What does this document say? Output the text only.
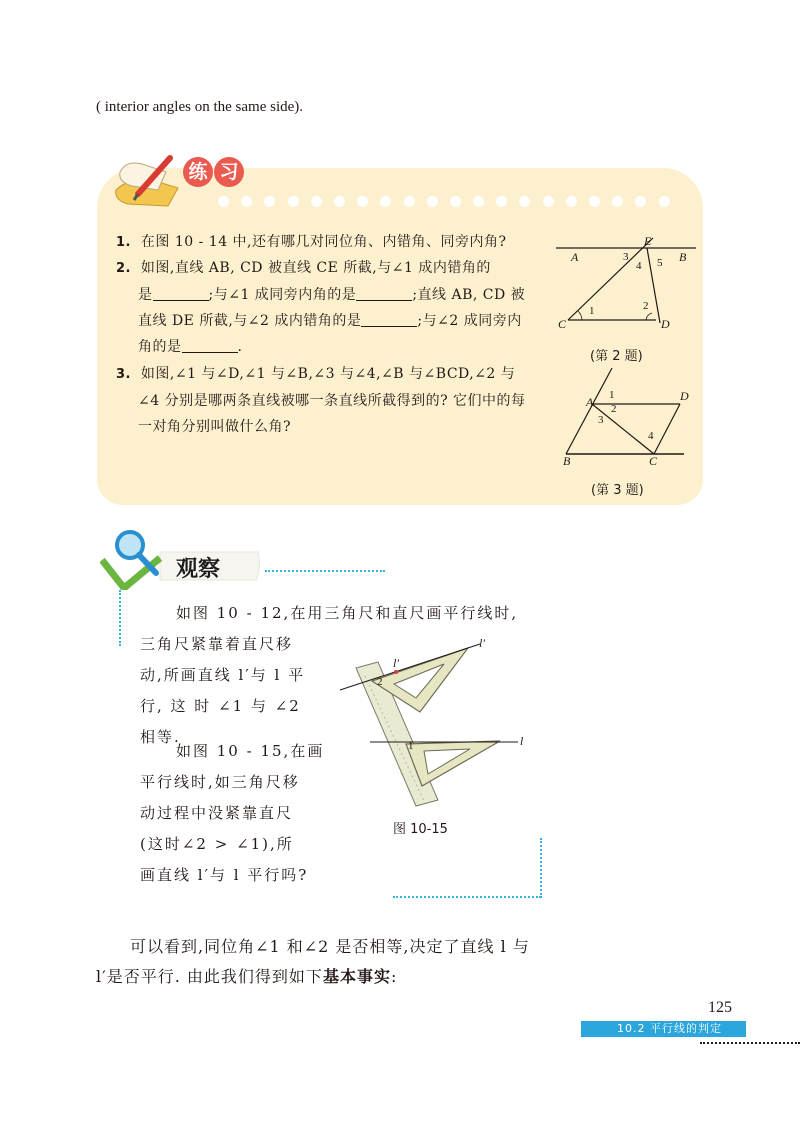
( interior angles on the same side).
练 习
1. 在图 10 - 14 中,还有哪几对同位角、内错角、同旁内角?
2. 如图,直线 AB, CD 被直线 CE 所截,与∠1 成内错角的
是	;与∠1 成同旁内角的是	;直线 AB, CD 被
直线 DE 所截,与∠2 成内错角的是	;与∠2 成同旁内
角的是	.
3. 如图,∠1 与∠D,∠1 与∠B,∠3 与∠4,∠B 与∠BCD,∠2 与
∠4 分别是哪两条直线被哪一条直线所截得到的? 它们中的每
一对角分别叫做什么角?
A	B
C	D
E
1	2
3
4 5
(第 2 题)
A
B	C
D
1
2
3
4
(第 3 题)
观察
如图 10 - 12,在用三角尺和直尺画平行线时,
三角尺紧靠着直尺移
动,所画直线 l′与 l 平
行, 这 时 ∠1 与 ∠2
相等.
如图 10 - 15,在画
平行线时,如三角尺移
动过程中没紧靠直尺
(这时∠2 > ∠1),所
画直线 l′与 l 平行吗?
l′
l
l′
2
1
图 10-15
可以看到,同位角∠1 和∠2 是否相等,决定了直线 l 与
l′是否平行. 由此我们得到如下基本事实:
125
10.2 平行线的判定
